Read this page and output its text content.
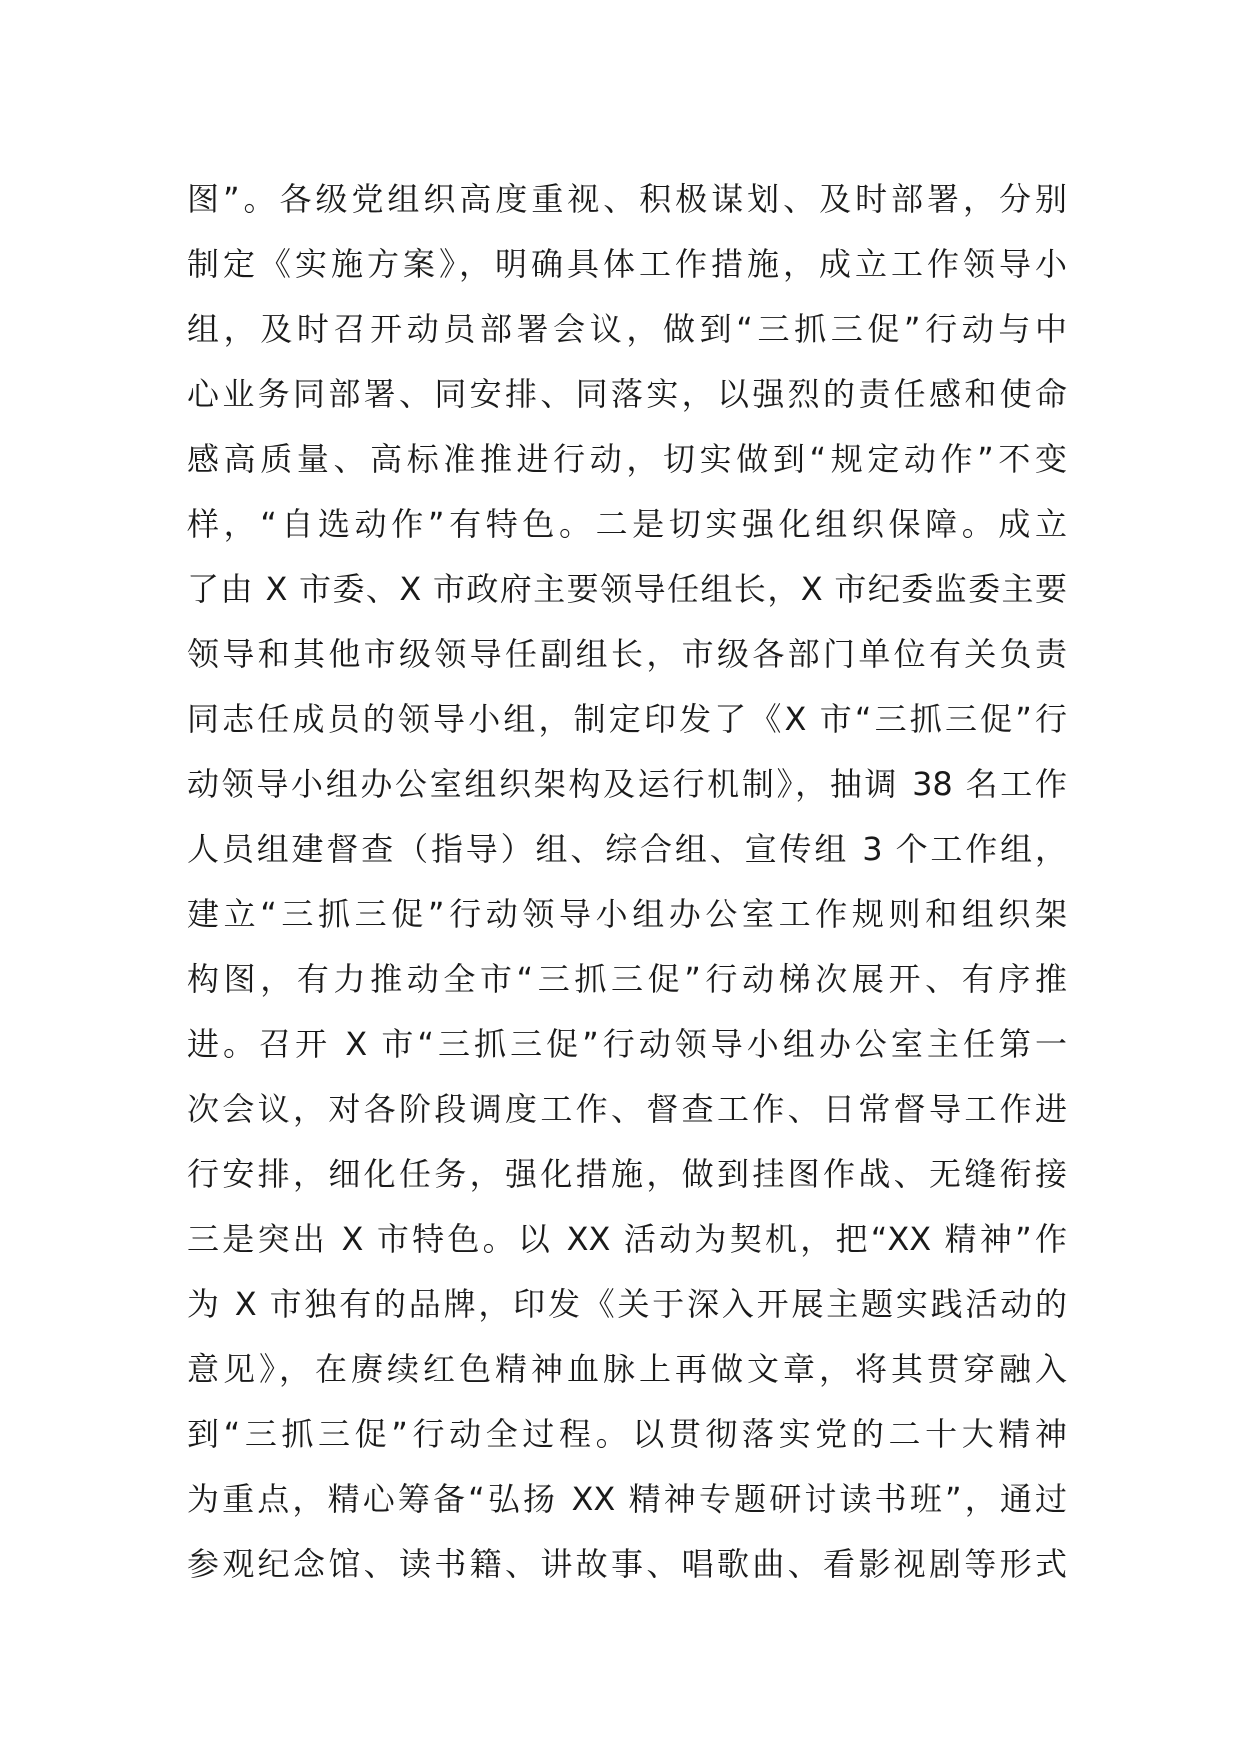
图”。各级党组织高度重视、积极谋划、及时部署，分别
制定《实施方案》，明确具体工作措施，成立工作领导小
组，及时召开动员部署会议，做到“三抓三促”行动与中
心业务同部署、同安排、同落实，以强烈的责任感和使命
感高质量、高标准推进行动，切实做到“规定动作”不变
样，“自选动作”有特色。二是切实强化组织保障。成立
了由 X 市委、X 市政府主要领导任组长，X 市纪委监委主要
领导和其他市级领导任副组长，市级各部门单位有关负责
同志任成员的领导小组，制定印发了《X 市“三抓三促”行
动领导小组办公室组织架构及运行机制》，抽调 38 名工作
人员组建督查（指导）组、综合组、宣传组 3 个工作组，
建立“三抓三促”行动领导小组办公室工作规则和组织架
构图，有力推动全市“三抓三促”行动梯次展开、有序推
进。召开 X 市“三抓三促”行动领导小组办公室主任第一
次会议，对各阶段调度工作、督查工作、日常督导工作进
行安排，细化任务，强化措施，做到挂图作战、无缝衔接
三是突出 X 市特色。以 XX 活动为契机，把“XX 精神”作
为 X 市独有的品牌，印发《关于深入开展主题实践活动的
意见》，在赓续红色精神血脉上再做文章，将其贯穿融入
到“三抓三促”行动全过程。以贯彻落实党的二十大精神
为重点，精心筹备“弘扬 XX 精神专题研讨读书班”，通过
参观纪念馆、读书籍、讲故事、唱歌曲、看影视剧等形式
